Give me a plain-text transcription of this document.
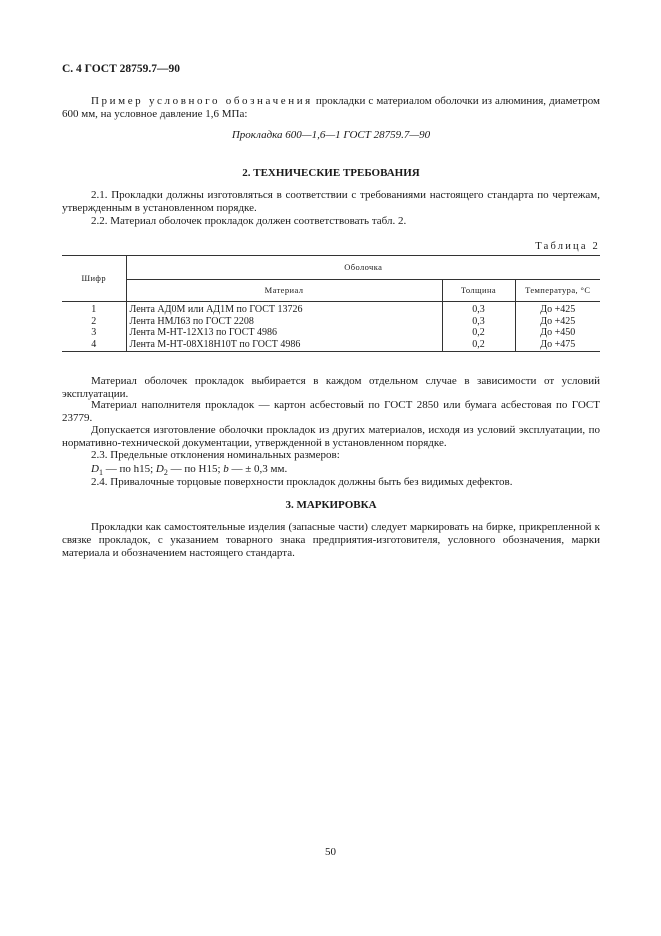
С. 4 ГОСТ 28759.7—90

Пример условного обозначения прокладки с материалом оболочки из алюминия, диаметром 600 мм, на условное давление 1,6 МПа:

Прокладка 600—1,6—1 ГОСТ 28759.7—90
2. ТЕХНИЧЕСКИЕ ТРЕБОВАНИЯ

2.1. Прокладки должны изготовляться в соответствии с требованиями настоящего стандарта по чертежам, утвержденным в установленном порядке.

2.2. Материал оболочек прокладок должен соответствовать табл. 2.

Таблица 2
Шифр	Оболочка		
	Материал	Толщина	Температура, °С
1	Лента АД0М или АД1М по ГОСТ 13726	0,3	До +425
2	Лента НМЛ63 по ГОСТ 2208	0,3	До +425
3	Лента М-НТ-12Х13 по ГОСТ 4986	0,2	До +450
4	Лента М-НТ-08Х18Н10Т по ГОСТ 4986	0,2	До +475

Материал оболочек прокладок выбирается в каждом отдельном случае в зависимости от условий эксплуатации.

Материал наполнителя прокладок — картон асбестовый по ГОСТ 2850 или бумага асбестовая по ГОСТ 23779.

Допускается изготовление оболочки прокладок из других материалов, исходя из условий эксплуатации, по нормативно-технической документации, утвержденной в установленном порядке.

2.3. Предельные отклонения номинальных размеров:

$D_1$ — по h15; $D_2$ — по H15; b — ± 0,3 мм.

2.4. Привалочные торцовые поверхности прокладок должны быть без видимых дефектов.

3. МАРКИРОВКА

Прокладки как самостоятельные изделия (запасные части) следует маркировать на бирке, прикрепленной к связке прокладок, с указанием товарного знака предприятия-изготовителя, условного обозначения, марки материала и обозначением настоящего стандарта.

50
